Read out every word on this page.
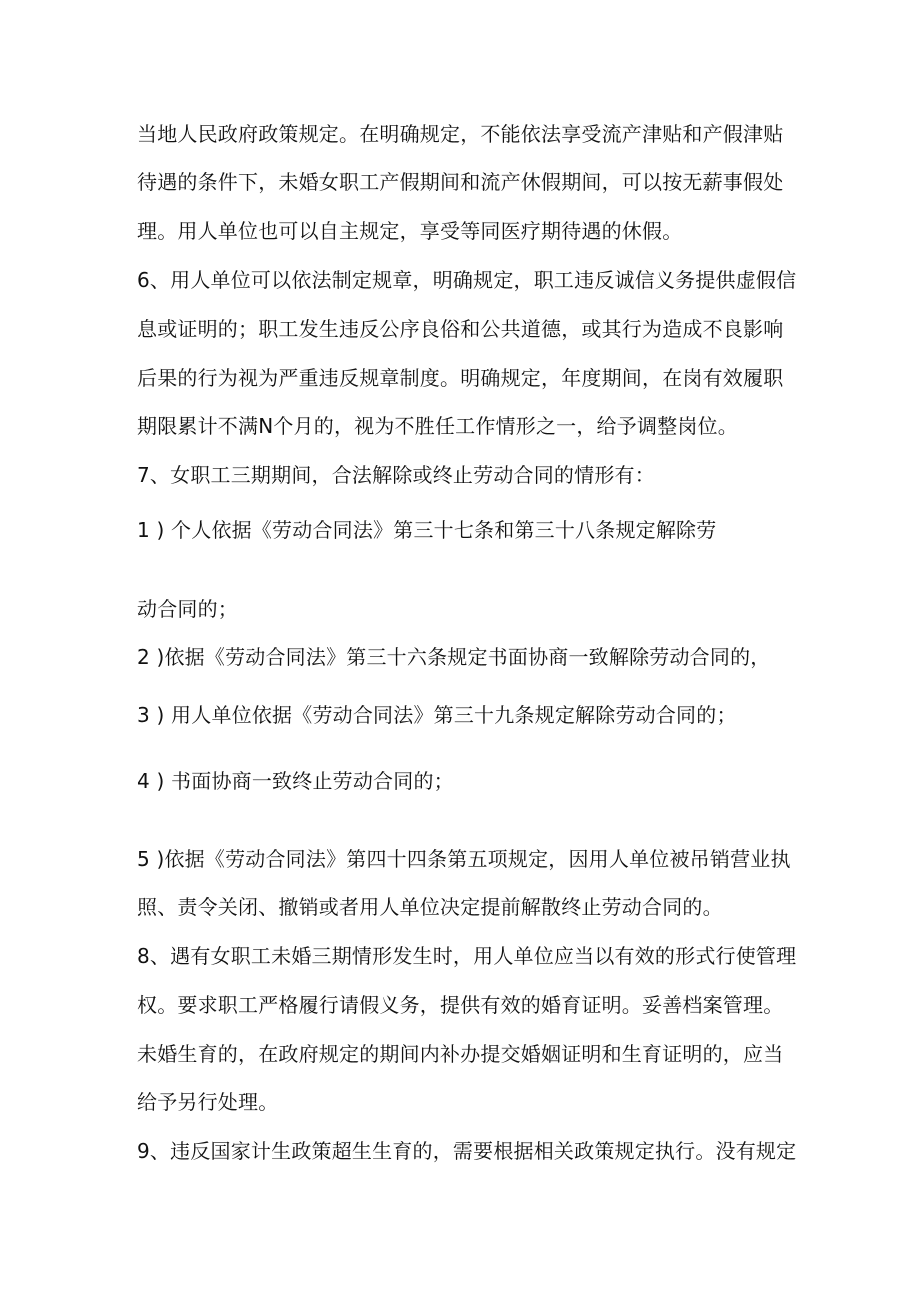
当地人民政府政策规定。在明确规定，不能依法享受流产津贴和产假津贴
待遇的条件下，未婚女职工产假期间和流产休假期间，可以按无薪事假处
理。用人单位也可以自主规定，享受等同医疗期待遇的休假。
6、用人单位可以依法制定规章，明确规定，职工违反诚信义务提供虚假信
息或证明的；职工发生违反公序良俗和公共道德，或其行为造成不良影响
后果的行为视为严重违反规章制度。明确规定，年度期间，在岗有效履职
期限累计不满N个月的，视为不胜任工作情形之一，给予调整岗位。
7、女职工三期期间，合法解除或终止劳动合同的情形有：
1 ) 个人依据《劳动合同法》第三十七条和第三十八条规定解除劳
动合同的；
2 )依据《劳动合同法》第三十六条规定书面协商一致解除劳动合同的，
3 ) 用人单位依据《劳动合同法》第三十九条规定解除劳动合同的；
4 ) 书面协商一致终止劳动合同的；
5 )依据《劳动合同法》第四十四条第五项规定，因用人单位被吊销营业执
照、责令关闭、撤销或者用人单位决定提前解散终止劳动合同的。
8、遇有女职工未婚三期情形发生时，用人单位应当以有效的形式行使管理
权。要求职工严格履行请假义务，提供有效的婚育证明。妥善档案管理。
未婚生育的，在政府规定的期间内补办提交婚姻证明和生育证明的，应当
给予另行处理。
9、违反国家计生政策超生生育的，需要根据相关政策规定执行。没有规定
